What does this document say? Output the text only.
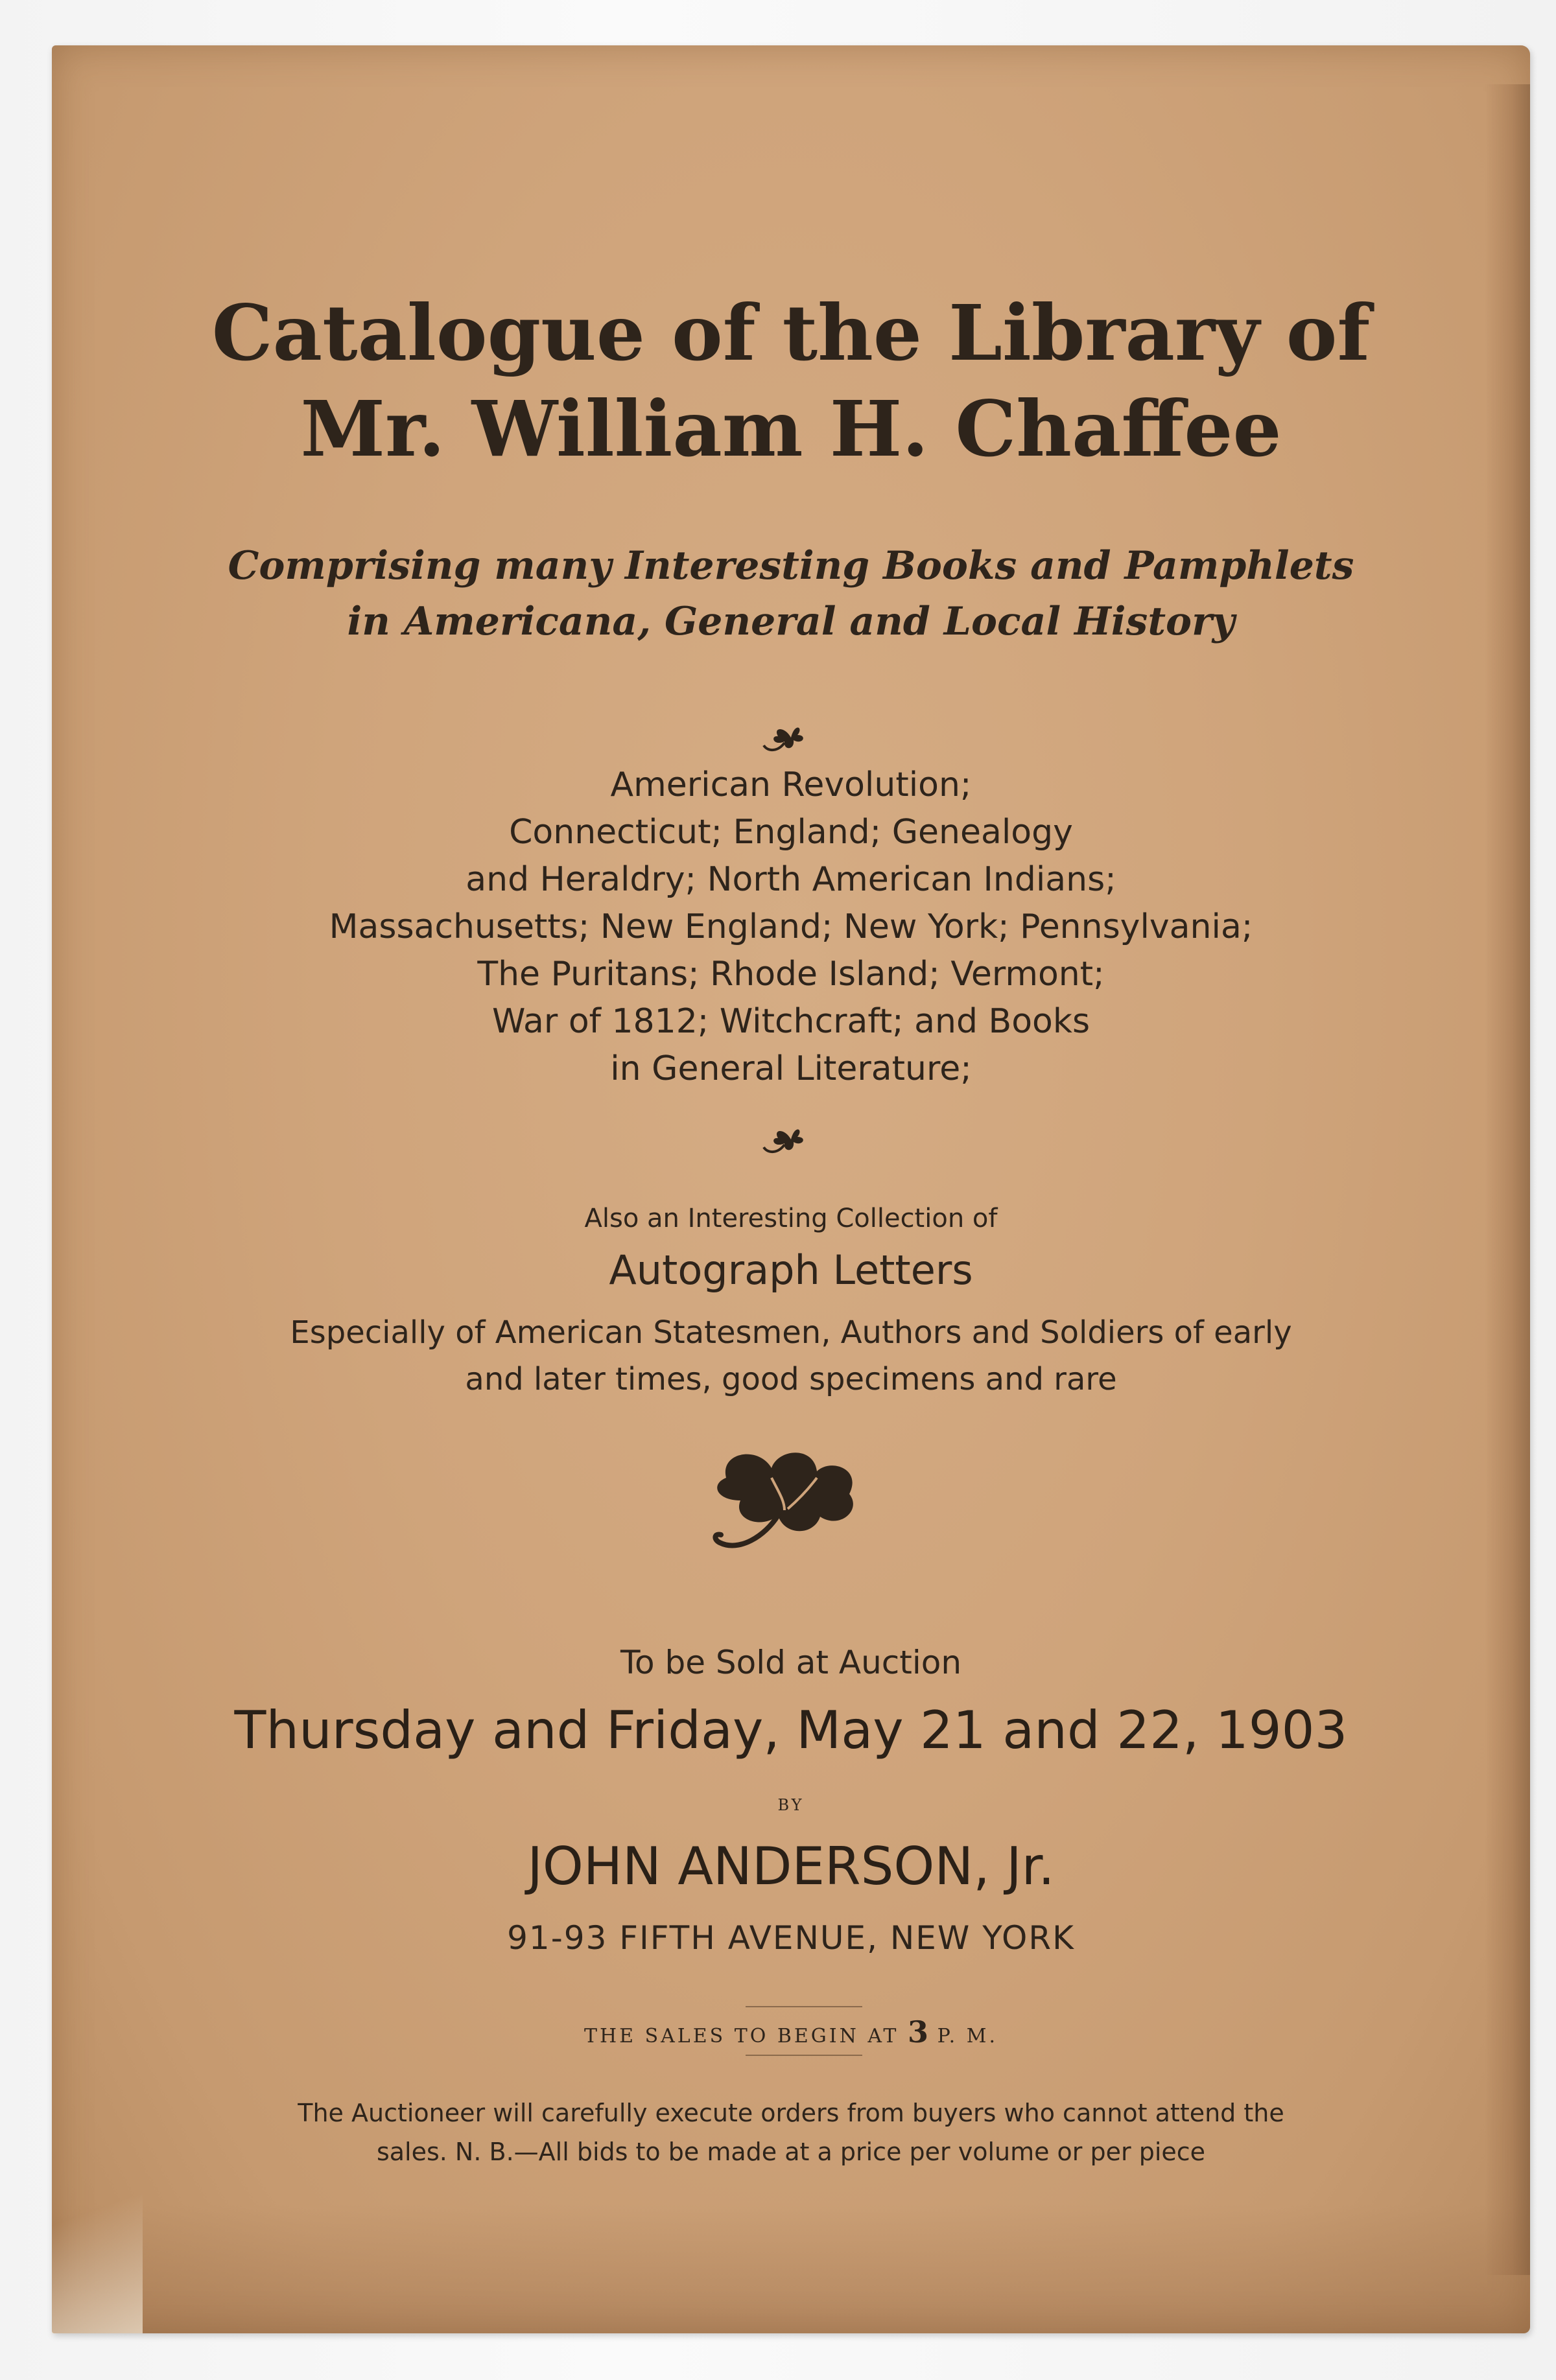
Catalogue of the Library of
Mr. William H. Chaffee
Comprising many Interesting Books and Pamphlets
in Americana, General and Local History
American Revolution;
Connecticut; England; Genealogy
and Heraldry; North American Indians;
Massachusetts; New England; New York; Pennsylvania;
The Puritans; Rhode Island; Vermont;
War of 1812; Witchcraft; and Books
in General Literature;
Also an Interesting Collection of
Autograph Letters
Especially of American Statesmen, Authors and Soldiers of early
and later times, good specimens and rare
To be Sold at Auction
Thursday and Friday, May 21 and 22, 1903
BY
JOHN ANDERSON, Jr.
91-93 FIFTH AVENUE, NEW YORK
THE SALES TO BEGIN AT 3 P. M.
The Auctioneer will carefully execute orders from buyers who cannot attend the
sales. N. B.—All bids to be made at a price per volume or per piece
